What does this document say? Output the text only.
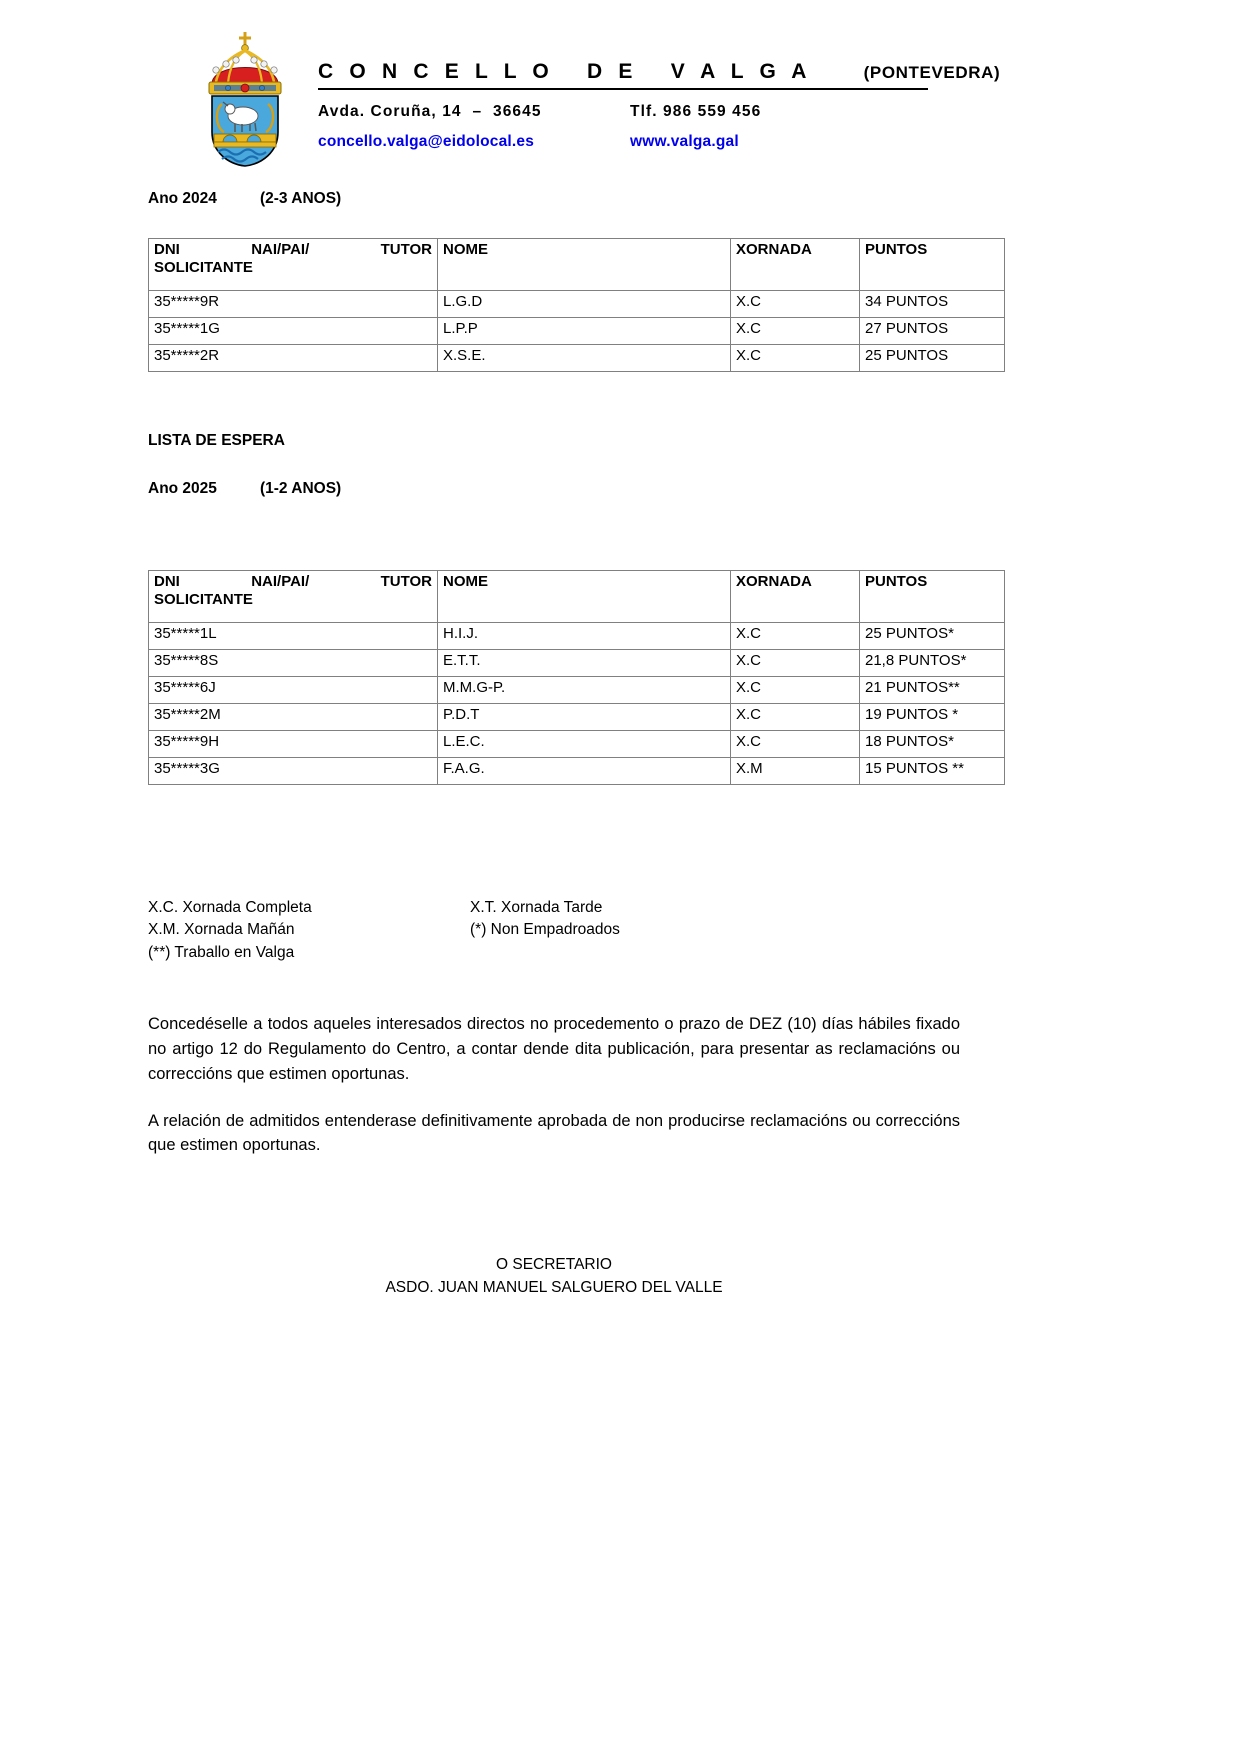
C O N C E L L O   D E   V A L G A	(PONTEVEDRA)
Avda. Coruña, 14  –  36645	Tlf. 986 559 456
concello.valga@eidolocal.es	www.valga.gal

Ano 2024          (2-3 ANOS)

DNI NAI/PAI/ TUTOR
SOLICITANTE	NOME	XORNADA	PUNTOS
35*****9R	L.G.D	X.C	34 PUNTOS
35*****1G	L.P.P	X.C	27 PUNTOS
35*****2R	X.S.E.	X.C	25 PUNTOS

LISTA DE ESPERA

Ano 2025          (1-2 ANOS)

DNI NAI/PAI/ TUTOR
SOLICITANTE	NOME	XORNADA	PUNTOS
35*****1L	H.I.J.	X.C	25 PUNTOS*
35*****8S	E.T.T.	X.C	21,8 PUNTOS*
35*****6J	M.M.G-P.	X.C	21 PUNTOS**
35*****2M	P.D.T	X.C	19 PUNTOS *
35*****9H	L.E.C.	X.C	18 PUNTOS*
35*****3G	F.A.G.	X.M	15 PUNTOS **
X.C. Xornada Completa	X.T. Xornada Tarde
X.M. Xornada Mañán	(*) Non Empadroados
(**) Traballo en Valga

Concedéselle a todos aqueles interesados directos no procedemento o prazo de DEZ (10) días hábiles fixado no artigo 12 do Regulamento do Centro, a contar dende dita publicación, para presentar as reclamacións ou correccións que estimen oportunas.

A relación de admitidos entenderase definitivamente aprobada de non producirse reclamacións ou correccións que estimen oportunas.

O SECRETARIO
ASDO. JUAN MANUEL SALGUERO DEL VALLE
